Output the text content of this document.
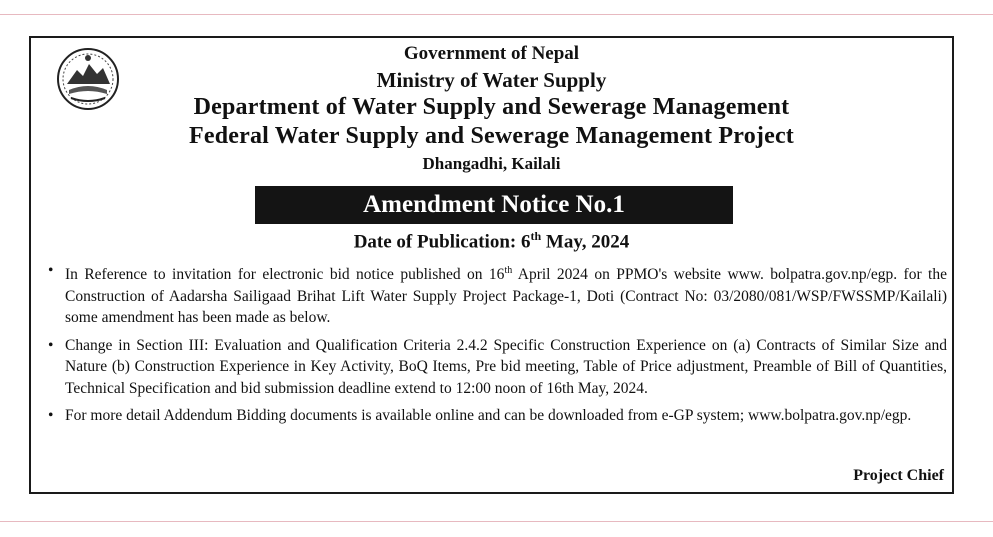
Government of Nepal
Ministry of Water Supply
Department of Water Supply and Sewerage Management
Federal Water Supply and Sewerage Management Project
Dhangadhi, Kailali
Amendment Notice No.1
Date of Publication: 6th May, 2024
• In Reference to invitation for electronic bid notice published on 16th April 2024 on PPMO's website www. bolpatra.gov.np/egp. for the Construction of Aadarsha Sailigaad Brihat Lift Water Supply Project Package-1, Doti (Contract No: 03/2080/081/WSP/FWSSMP/Kailali) some amendment has been made as below.
• Change in Section III: Evaluation and Qualification Criteria 2.4.2 Specific Construction Experience on (a) Contracts of Similar Size and Nature (b) Construction Experience in Key Activity, BoQ Items, Pre bid meeting, Table of Price adjustment, Preamble of Bill of Quantities, Technical Specification and bid submission deadline extend to 12:00 noon of 16th May, 2024.
• For more detail Addendum Bidding documents is available online and can be downloaded from e-GP system; www.bolpatra.gov.np/egp.
Project Chief
